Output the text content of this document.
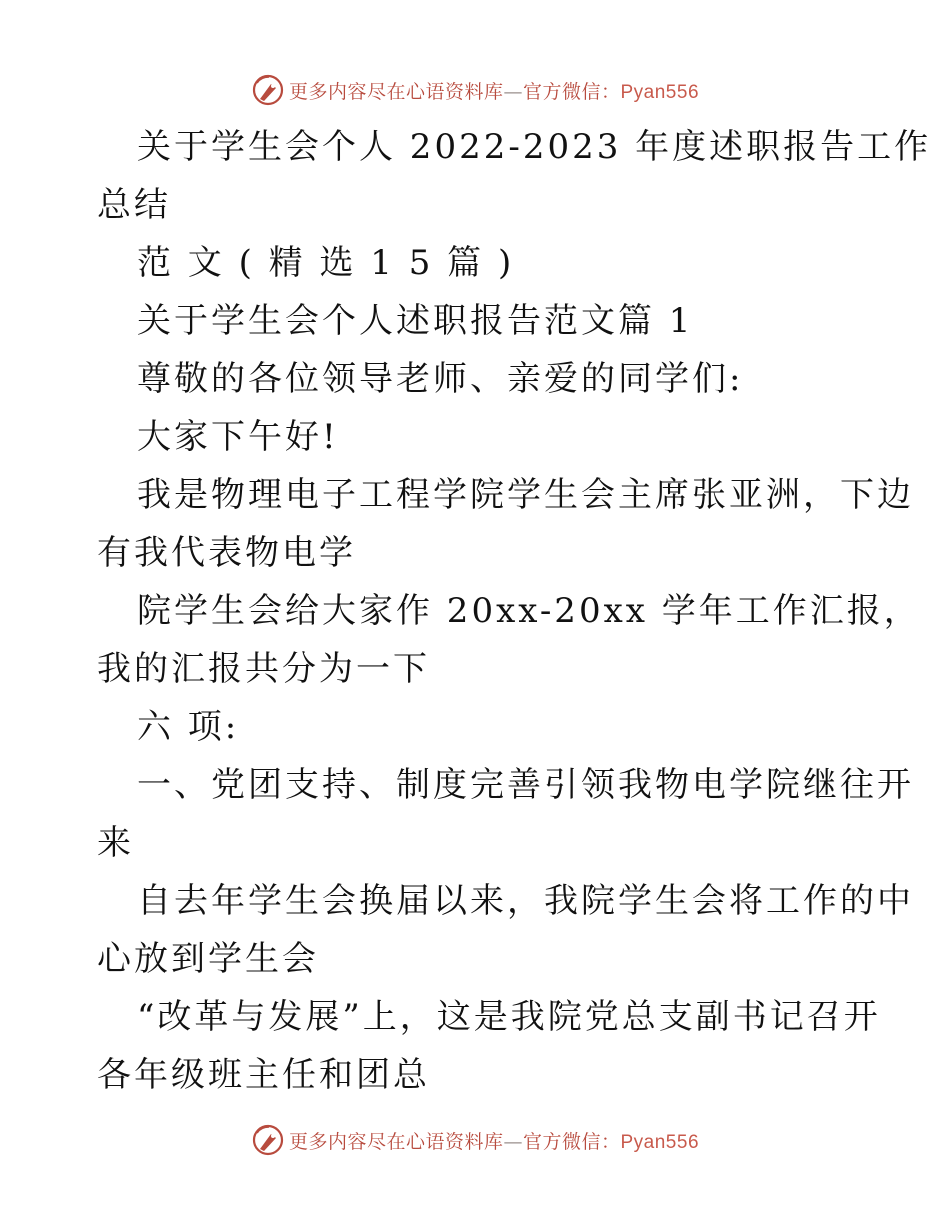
更多内容尽在心语资料库—官方微信：Pyan556
关于学生会个人 2022-2023 年度述职报告工作
总结
范 文 ( 精 选 1 5 篇 )
关于学生会个人述职报告范文篇 1
尊敬的各位领导老师、亲爱的同学们:
大家下午好!
我是物理电子工程学院学生会主席张亚洲，下边
有我代表物电学
院学生会给大家作 20xx-20xx 学年工作汇报，
我的汇报共分为一下
六 项:
一、党团支持、制度完善引领我物电学院继往开
来
自去年学生会换届以来，我院学生会将工作的中
心放到学生会
“改革与发展”上，这是我院党总支副书记召开
各年级班主任和团总
更多内容尽在心语资料库—官方微信：Pyan556
